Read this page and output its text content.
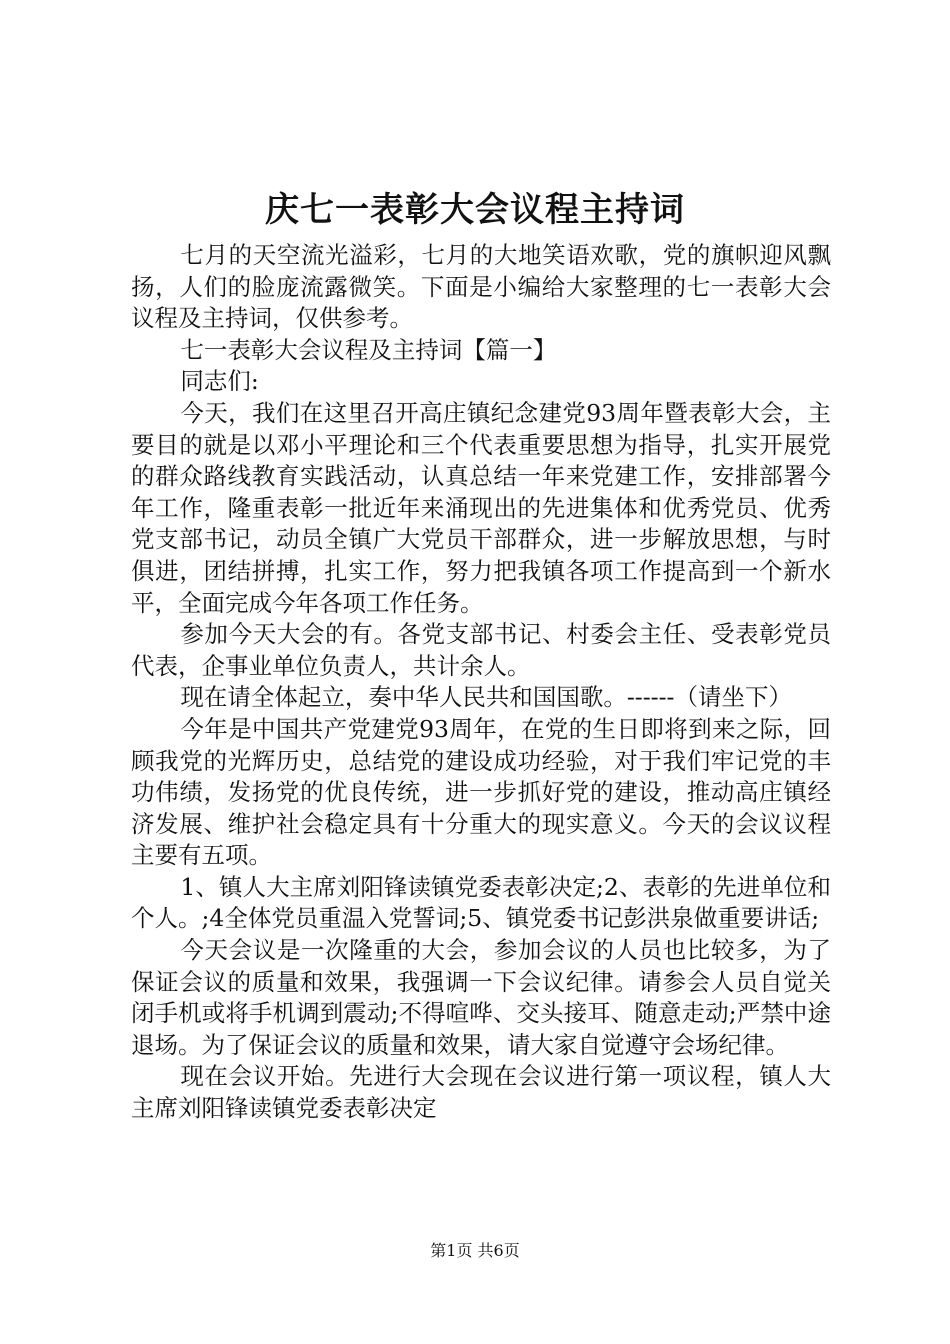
庆七一表彰大会议程主持词

七月的天空流光溢彩，七月的大地笑语欢歌，党的旗帜迎风飘扬，人们的脸庞流露微笑。下面是小编给大家整理的七一表彰大会议程及主持词，仅供参考。

七一表彰大会议程及主持词【篇一】

同志们:

今天，我们在这里召开高庄镇纪念建党93周年暨表彰大会，主要目的就是以邓小平理论和三个代表重要思想为指导，扎实开展党的群众路线教育实践活动，认真总结一年来党建工作，安排部署今年工作，隆重表彰一批近年来涌现出的先进集体和优秀党员、优秀党支部书记，动员全镇广大党员干部群众，进一步解放思想，与时俱进，团结拼搏，扎实工作，努力把我镇各项工作提高到一个新水平，全面完成今年各项工作任务。

参加今天大会的有。各党支部书记、村委会主任、受表彰党员代表，企事业单位负责人，共计余人。

现在请全体起立，奏中华人民共和国国歌。------（请坐下）

今年是中国共产党建党93周年，在党的生日即将到来之际，回顾我党的光辉历史，总结党的建设成功经验，对于我们牢记党的丰功伟绩，发扬党的优良传统，进一步抓好党的建设，推动高庄镇经济发展、维护社会稳定具有十分重大的现实意义。今天的会议议程主要有五项。

1、镇人大主席刘阳锋读镇党委表彰决定;2、表彰的先进单位和个人。;4全体党员重温入党誓词;5、镇党委书记彭洪泉做重要讲话;

今天会议是一次隆重的大会，参加会议的人员也比较多，为了保证会议的质量和效果，我强调一下会议纪律。请参会人员自觉关闭手机或将手机调到震动;不得喧哗、交头接耳、随意走动;严禁中途退场。为了保证会议的质量和效果，请大家自觉遵守会场纪律。

现在会议开始。先进行大会现在会议进行第一项议程，镇人大主席刘阳锋读镇党委表彰决定

第1页 共6页
